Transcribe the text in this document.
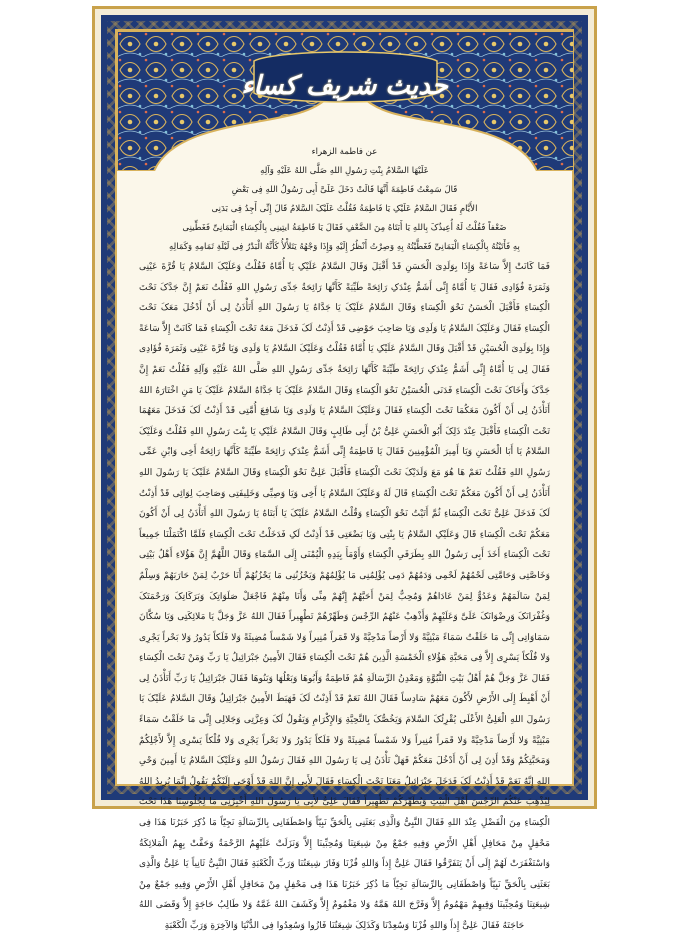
حدیث شریف کساء
عن فاطمة الزهراء
عَلَیْهَا السَّلامُ بِنْتِ رَسُولِ اللهِ صَلَّی اللهُ عَلَیْهِ وَآلِهِ
قَالَ سَمِعْتُ فَاطِمَةَ أَنَّهَا قَالَتْ دَخَلَ عَلَیَّ أَبِی رَسُولُ اللهِ فِی بَعْضِ
الأَیَّامِ فَقَالَ السَّلامُ عَلَیْکِ یَا فَاطِمَةُ فَقُلْتُ عَلَیْکَ السَّلامُ قَالَ إِنِّی أَجِدُ فِی بَدَنِی
ضَعْفاً فَقُلْتُ لَهُ أُعِیذُکَ بِاللهِ یَا أَبَتَاهُ مِنَ الضَّعْفِ فَقَالَ یَا فَاطِمَةُ ایتِینِی بِالْکِسَاءِ الْیَمَانِیِّ فَغَطِّینِی
بِهِ فَأَتَیْتُهُ بِالْکِسَاءِ الْیَمَانِیِّ فَغَطَّیْتُهُ بِهِ وَصِرْتُ أَنْظُرُ إِلَیْهِ وَإِذَا وَجْهُهُ یَتَلأْلأُ کَأَنَّهُ الْبَدْرُ فِی لَیْلَةِ تَمَامِهِ وَکَمَالِهِ
فَمَا کَانَتْ إِلاَّ سَاعَةً وَإِذَا بِوَلَدِیَ الْحَسَنِ قَدْ أَقْبَلَ وَقَالَ السَّلامُ عَلَیْکِ یَا أُمَّاهُ فَقُلْتُ وَعَلَیْکَ السَّلامُ یَا قُرَّةَ عَیْنِی وَثَمَرَةَ فُؤَادِی فَقَالَ یَا أُمَّاهُ إِنِّی أَشَمُّ عِنْدَکِ رَائِحَةً طَیِّبَةً کَأَنَّهَا رَائِحَةُ جَدِّی رَسُولِ اللهِ فَقُلْتُ نَعَمْ إِنَّ جَدَّکَ تَحْتَ الْکِسَاءِ فَأَقْبَلَ الْحَسَنُ نَحْوَ الْکِسَاءِ وَقَالَ السَّلامُ عَلَیْکَ یَا جَدَّاهُ یَا رَسُولَ اللهِ أَتَأْذَنُ لِی أَنْ أَدْخُلَ مَعَکَ تَحْتَ الْکِسَاءِ فَقَالَ وَعَلَیْکَ السَّلامُ یَا وَلَدِی وَیَا صَاحِبَ حَوْضِی قَدْ أَذِنْتُ لَکَ فَدَخَلَ مَعَهُ تَحْتَ الْکِسَاءِ فَمَا کَانَتْ إِلاَّ سَاعَةً وَإِذَا بِوَلَدِیَ الْحُسَیْنِ قَدْ أَقْبَلَ وَقَالَ السَّلامُ عَلَیْکِ یَا أُمَّاهُ فَقُلْتُ وَعَلَیْکَ السَّلامُ یَا وَلَدِی وَیَا قُرَّةَ عَیْنِی وَثَمَرَةَ فُؤَادِی فَقَالَ لِی یَا أُمَّاهُ إِنِّی أَشَمُّ عِنْدَکِ رَائِحَةً طَیِّبَةً کَأَنَّهَا رَائِحَةُ جَدِّی رَسُولِ اللهِ صَلَّی اللهُ عَلَیْهِ وَآلِهِ فَقُلْتُ نَعَمْ إِنَّ جَدَّکَ وَأَخَاکَ تَحْتَ الْکِسَاءِ فَدَنَی الْحُسَیْنُ نَحْوَ الْکِسَاءِ وَقَالَ السَّلامُ عَلَیْکَ یَا جَدَّاهُ السَّلامُ عَلَیْکَ یَا مَنِ اخْتَارَهُ اللهُ أَتَأْذَنُ لِی أَنْ أَکُونَ مَعَکُمَا تَحْتَ الْکِسَاءِ فَقَالَ وَعَلَیْکَ السَّلامُ یَا وَلَدِی وَیَا شَافِعَ أُمَّتِی قَدْ أَذِنْتُ لَکَ فَدَخَلَ مَعَهُمَا تَحْتَ الْکِسَاءِ فَأَقْبَلَ عِنْدَ ذَلِکَ أَبُو الْحَسَنِ عَلِیُّ بْنُ أَبِی طَالِبٍ وَقَالَ السَّلامُ عَلَیْکِ یَا بِنْتَ رَسُولِ اللهِ فَقُلْتُ وَعَلَیْکَ السَّلامُ یَا أَبَا الْحَسَنِ وَیَا أَمِیرَ الْمُؤْمِنِینَ فَقَالَ یَا فَاطِمَةُ إِنِّی أَشَمُّ عِنْدَکِ رَائِحَةً طَیِّبَةً کَأَنَّهَا رَائِحَةُ أَخِی وَابْنِ عَمِّی رَسُولِ اللهِ فَقُلْتُ نَعَمْ هَا هُوَ مَعَ وَلَدَیْکَ تَحْتَ الْکِسَاءِ فَأَقْبَلَ عَلِیٌّ نَحْوَ الْکِسَاءِ وَقَالَ السَّلامُ عَلَیْکَ یَا رَسُولَ اللهِ أَتَأْذَنُ لِی أَنْ أَکُونَ مَعَکُمْ تَحْتَ الْکِسَاءِ قَالَ لَهُ وَعَلَیْکَ السَّلامُ یَا أَخِی وَیَا وَصِیِّی وَخَلِیفَتِی وَصَاحِبَ لِوَائِی قَدْ أَذِنْتُ لَکَ فَدَخَلَ عَلِیٌّ تَحْتَ الْکِسَاءِ ثُمَّ أَتَیْتُ نَحْوَ الْکِسَاءِ وَقُلْتُ السَّلامُ عَلَیْکَ یَا أَبَتَاهُ یَا رَسُولَ اللهِ أَتَأْذَنُ لِی أَنْ أَکُونَ مَعَکُمْ تَحْتَ الْکِسَاءِ قَالَ وَعَلَیْکِ السَّلامُ یَا بِنْتِی وَیَا بَضْعَتِی قَدْ أَذِنْتُ لَکِ فَدَخَلْتُ تَحْتَ الْکِسَاءِ فَلَمَّا اکْتَمَلْنَا جَمِیعاً تَحْتَ الْکِسَاءِ أَخَذَ أَبِی رَسُولُ اللهِ بِطَرَفَیِ الْکِسَاءِ وَأَوْمَأَ بِیَدِهِ الْیُمْنَی إِلَی السَّمَاءِ وَقَالَ اللَّهُمَّ إِنَّ هَؤُلاءِ أَهْلُ بَیْتِی وَخَاصَّتِی وَحَامَّتِی لَحْمُهُمْ لَحْمِی وَدَمُهُمْ دَمِی یُؤْلِمُنِی مَا یُؤْلِمُهُمْ وَیَحْزُنُنِی مَا یَحْزُنُهُمْ أَنَا حَرْبٌ لِمَنْ حَارَبَهُمْ وَسِلْمٌ لِمَنْ سَالَمَهُمْ وَعَدُوٌّ لِمَنْ عَادَاهُمْ وَمُحِبٌّ لِمَنْ أَحَبَّهُمْ إِنَّهُمْ مِنِّی وَأَنَا مِنْهُمْ فَاجْعَلْ صَلَوَاتِکَ وَبَرَکَاتِکَ وَرَحْمَتَکَ وَغُفْرَانَکَ وَرِضْوَانَکَ عَلَیَّ وَعَلَیْهِمْ وَأَذْهِبْ عَنْهُمُ الرِّجْسَ وَطَهِّرْهُمْ تَطْهِیراً فَقَالَ اللهُ عَزَّ وَجَلَّ یَا مَلائِکَتِی وَیَا سُکَّانَ سَمَاوَاتِی إِنِّی مَا خَلَقْتُ سَمَاءً مَبْنِیَّةً وَلا أَرْضاً مَدْحِیَّةً وَلا قَمَراً مُنِیراً وَلا شَمْساً مُضِیئَةً وَلا فَلَکاً یَدُورُ وَلا بَحْراً یَجْرِی وَلا فُلْکاً یَسْرِی إِلاَّ فِی مَحَبَّةِ هَؤُلاءِ الْخَمْسَةِ الَّذِینَ هُمْ تَحْتَ الْکِسَاءِ فَقَالَ الأَمِینُ جَبْرَائِیلُ یَا رَبِّ وَمَنْ تَحْتَ الْکِسَاءِ فَقَالَ عَزَّ وَجَلَّ هُمْ أَهْلُ بَیْتِ النُّبُوَّةِ وَمَعْدِنُ الرِّسَالَةِ هُمْ فَاطِمَةُ وَأَبُوهَا وَبَعْلُهَا وَبَنُوهَا فَقَالَ جَبْرَائِیلُ یَا رَبِّ أَتَأْذَنُ لِی أَنْ أَهْبِطَ إِلَی الأَرْضِ لأَکُونَ مَعَهُمْ سَادِساً فَقَالَ اللهُ نَعَمْ قَدْ أَذِنْتُ لَکَ فَهَبَطَ الأَمِینُ جَبْرَائِیلُ وَقَالَ السَّلامُ عَلَیْکَ یَا رَسُولَ اللهِ الْعَلِیُّ الأَعْلَی یُقْرِئُکَ السَّلامَ وَیَخُصُّکَ بِالتَّحِیَّةِ وَالإِکْرَامِ وَیَقُولُ لَکَ وَعِزَّتِی وَجَلالِی إِنِّی مَا خَلَقْتُ سَمَاءً مَبْنِیَّةً وَلا أَرْضاً مَدْحِیَّةً وَلا قَمَراً مُنِیراً وَلا شَمْساً مُضِیئَةً وَلا فَلَکاً یَدُورُ وَلا بَحْراً یَجْرِی وَلا فُلْکاً یَسْرِی إِلاَّ لأَجْلِکُمْ وَمَحَبَّتِکُمْ وَقَدْ أَذِنَ لِی أَنْ أَدْخُلَ مَعَکُمْ فَهَلْ تَأْذَنُ لِی یَا رَسُولَ اللهِ فَقَالَ رَسُولُ اللهِ وَعَلَیْکَ السَّلامُ یَا أَمِینَ وَحْیِ اللهِ إِنَّهُ نَعَمْ قَدْ أَذِنْتُ لَکَ فَدَخَلَ جَبْرَائِیلُ مَعَنَا تَحْتَ الْکِسَاءِ فَقَالَ لأَبِی إِنَّ اللهَ قَدْ أَوْحَی إِلَیْکُمْ یَقُولُ إِنَّمَا یُرِیدُ اللهُ لِیُذْهِبَ عَنْکُمُ الرِّجْسَ أَهْلَ الْبَیْتِ وَیُطَهِّرَکُمْ تَطْهِیراً فَقَالَ عَلِیٌّ لأَبِی یَا رَسُولَ اللهِ أَخْبِرْنِی مَا لِجُلُوسِنَا هَذَا تَحْتَ الْکِسَاءِ مِنَ الْفَضْلِ عِنْدَ اللهِ فَقَالَ النَّبِیُّ وَالَّذِی بَعَثَنِی بِالْحَقِّ نَبِیّاً وَاصْطَفَانِی بِالرِّسَالَةِ نَجِیّاً مَا ذُکِرَ خَبَرُنَا هَذَا فِی مَحْفِلٍ مِنْ مَحَافِلِ أَهْلِ الأَرْضِ وَفِیهِ جَمْعٌ مِنْ شِیعَتِنَا وَمُحِبِّینَا إِلاَّ وَنَزَلَتْ عَلَیْهِمُ الرَّحْمَةُ وَحَفَّتْ بِهِمُ الْمَلائِکَةُ وَاسْتَغْفَرَتْ لَهُمْ إِلَی أَنْ یَتَفَرَّقُوا فَقَالَ عَلِیٌّ إِذاً وَاللهِ فُزْنَا وَفَازَ شِیعَتُنَا وَرَبِّ الْکَعْبَةِ فَقَالَ النَّبِیُّ ثَانِیاً یَا عَلِیُّ وَالَّذِی بَعَثَنِی بِالْحَقِّ نَبِیّاً وَاصْطَفَانِی بِالرِّسَالَةِ نَجِیّاً مَا ذُکِرَ خَبَرُنَا هَذَا فِی مَحْفِلٍ مِنْ مَحَافِلِ أَهْلِ الأَرْضِ وَفِیهِ جَمْعٌ مِنْ شِیعَتِنَا وَمُحِبِّینَا وَفِیهِمْ مَهْمُومٌ إِلاَّ وَفَرَّجَ اللهُ هَمَّهُ وَلا مَغْمُومٌ إِلاَّ وَکَشَفَ اللهُ غَمَّهُ وَلا طَالِبُ حَاجَةٍ إِلاَّ وَقَضَی اللهُ حَاجَتَهُ فَقَالَ عَلِیٌّ إِذاً وَاللهِ فُزْنَا وَسُعِدْنَا وَکَذَلِکَ شِیعَتُنَا فَازُوا وَسُعِدُوا فِی الدُّنْیَا وَالآخِرَةِ وَرَبِّ الْکَعْبَةِ
